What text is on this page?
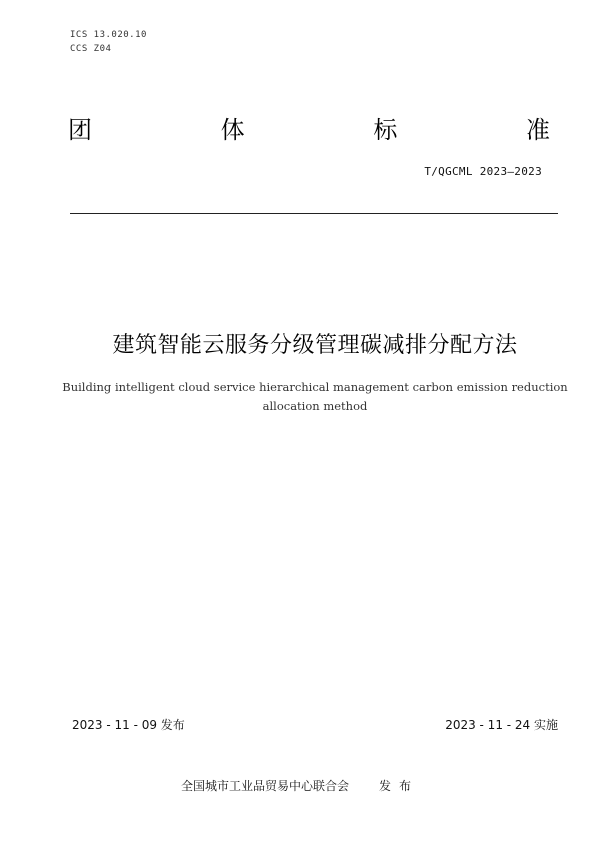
ICS 13.020.10
CCS Z04
团	体	标	准
T/QGCML 2023—2023
建筑智能云服务分级管理碳减排分配方法
Building intelligent cloud service hierarchical management carbon emission reduction allocation method
2023 - 11 - 09 发布	2023 - 11 - 24 实施
全国城市工业品贸易中心联合会	发布
